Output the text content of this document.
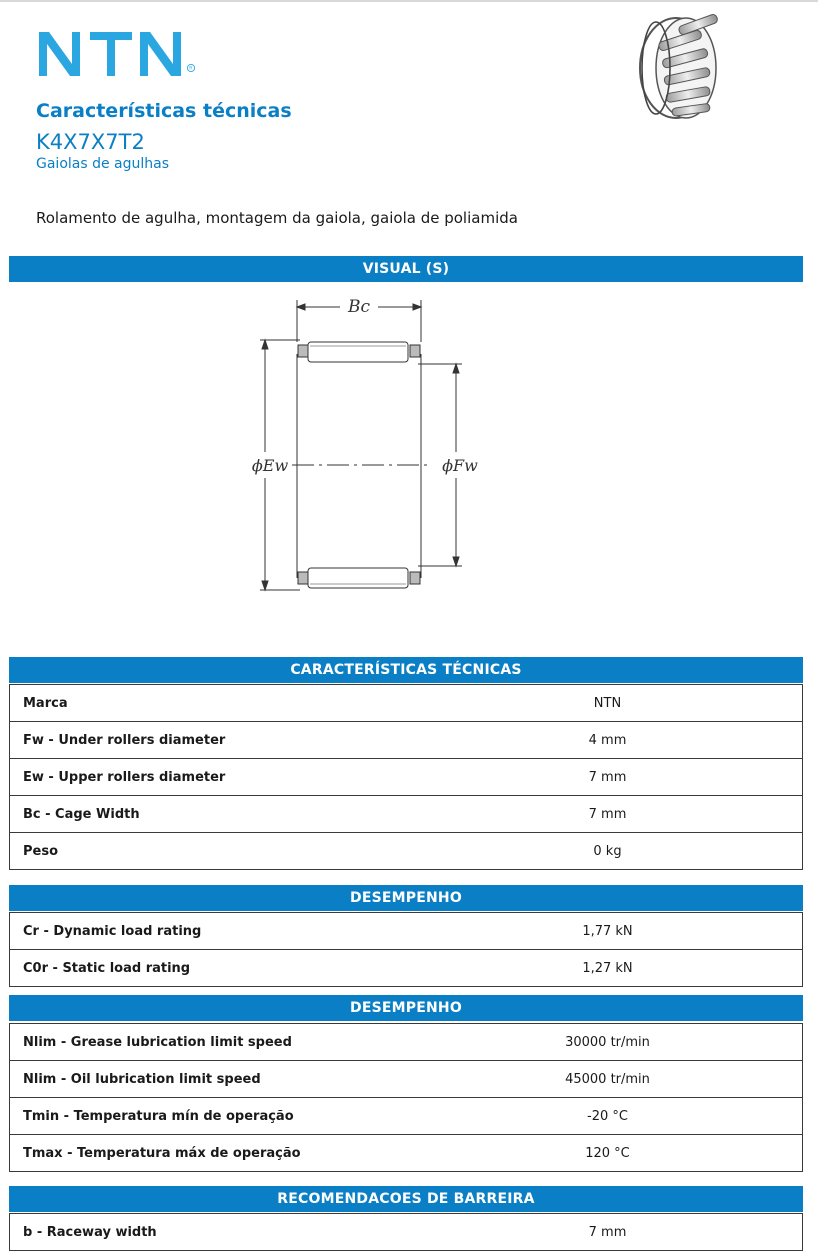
R
Características técnicas
K4X7X7T2
Gaiolas de agulhas
Rolamento de agulha, montagem da gaiola, gaiola de poliamida
VISUAL (S)
Bc
ϕEw	ϕFw
CARACTERÍSTICAS TÉCNICAS
Marca	NTN
Fw - Under rollers diameter	4 mm
Ew - Upper rollers diameter	7 mm
Bc - Cage Width	7 mm
Peso	0 kg
DESEMPENHO
Cr - Dynamic load rating	1,77 kN
C0r - Static load rating	1,27 kN
DESEMPENHO
Nlim - Grease lubrication limit speed	30000 tr/min
Nlim - Oil lubrication limit speed	45000 tr/min
Tmin - Temperatura mín de operação	-20 °C
Tmax - Temperatura máx de operação	120 °C
RECOMENDACOES DE BARREIRA
b - Raceway width	7 mm
